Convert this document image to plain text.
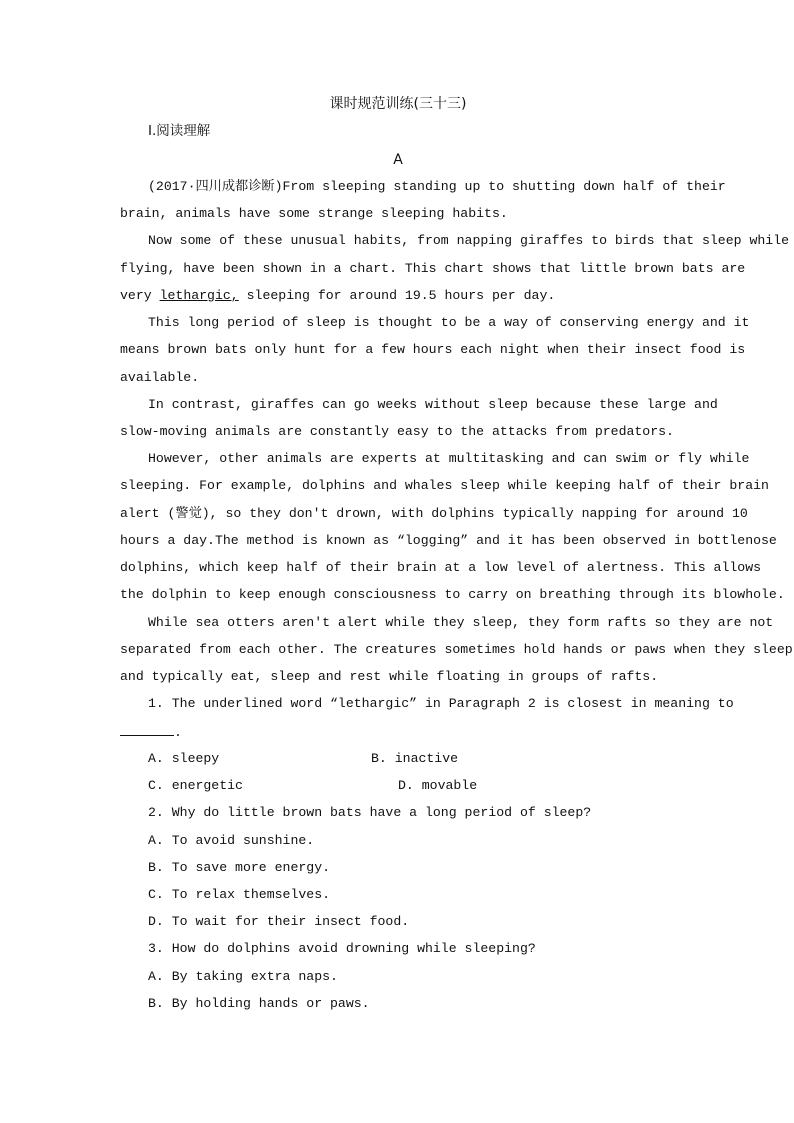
课时规范训练(三十三)
Ⅰ.阅读理解
A
(2017·四川成都诊断)From sleeping standing up to shutting down half of their
brain, animals have some strange sleeping habits.
Now some of these unusual habits, from napping giraffes to birds that sleep while
flying, have been shown in a chart. This chart shows that little brown bats are
very lethargic, sleeping for around 19.5 hours per day.
This long period of sleep is thought to be a way of conserving energy and it
means brown bats only hunt for a few hours each night when their insect food is
available.
In contrast, giraffes can go weeks without sleep because these large and
slow-moving animals are constantly easy to the attacks from predators.
However, other animals are experts at multitasking and can swim or fly while
sleeping. For example, dolphins and whales sleep while keeping half of their brain
alert (警觉), so they don't drown, with dolphins typically napping for around 10
hours a day.The method is known as “logging” and it has been observed in bottlenose
dolphins, which keep half of their brain at a low level of alertness. This allows
the dolphin to keep enough consciousness to carry on breathing through its blowhole.
While sea otters aren't alert while they sleep, they form rafts so they are not
separated from each other. The creatures sometimes hold hands or paws when they sleep
and typically eat, sleep and rest while floating in groups of rafts.
1. The underlined word “lethargic” in Paragraph 2 is closest in meaning to
.
A. sleepy	B. inactive
C. energetic	D. movable
2. Why do little brown bats have a long period of sleep?
A. To avoid sunshine.
B. To save more energy.
C. To relax themselves.
D. To wait for their insect food.
3. How do dolphins avoid drowning while sleeping?
A. By taking extra naps.
B. By holding hands or paws.
